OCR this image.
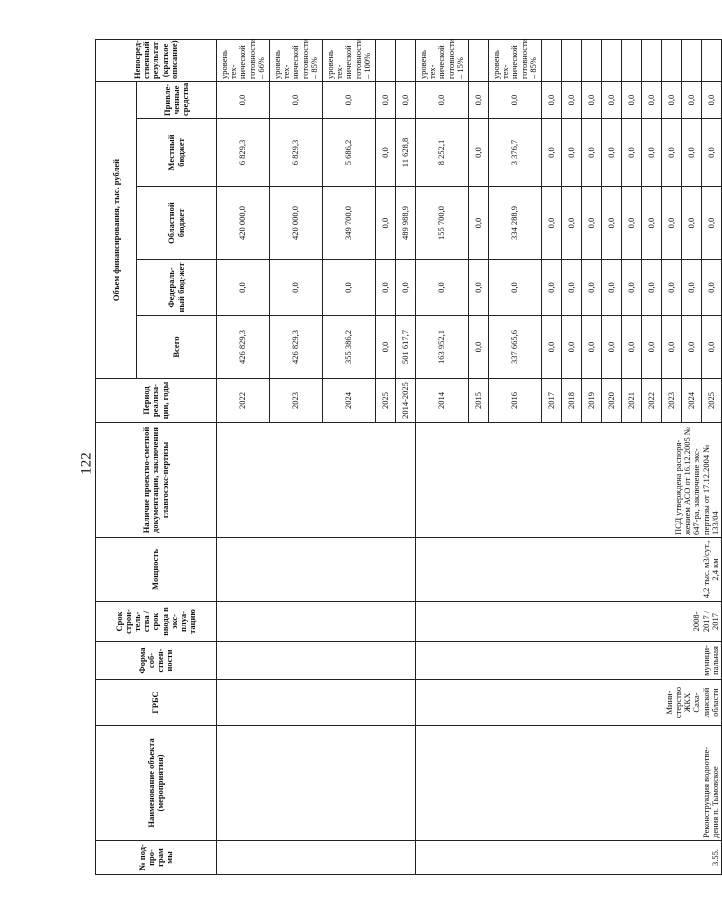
122
№ под-про-грам мы	Наименование объекта (мероприятия)	ГРБС	Форма соб-ствен-ности	Срок строи-тель-ства / срок ввода в экс-плуа-тацию	Мощность	Наличие проектно-сметной документации, заключения главгосэкс-пертизы	Период реализа-ции, годы	Объем финансирования, тыс. рублей					Непосред-ственный результат (краткое описание)
								Всего	Федераль-ный бюд-жет	Областной бюджет	Местный бюджет	Привле-ченные средства	
							2022	426 829,3	0,0	420 000,0	6 829,3	0,0	уровень тех-нической готовности – 66%
							2023	426 829,3	0,0	420 000,0	6 829,3	0,0	уровень тех-нической готовности – 85%
							2024	355 386,2	0,0	349 700,0	5 686,2	0,0	уровень тех-нической готовности – 100%
							2025	0,0	0,0	0,0	0,0	0,0	
							2014-2025	501 617,7	0,0	489 988,9	11 628,8	0,0	
3.55.	Реконструкция водоотве-дения п. Тымовское	Мини-стерство ЖКХ Саха-линской области	муници-пальная	2008-2017 / 2017	4,2 тыс. м3/сут., 2,4 км	ПСД утверждена распоря-жением АСО от 16.12.2005 № 647-ра, заключение экс-пертизы от 17.12.2004 № 133/04	2014	163 952,1	0,0	155 700,0	8 252,1	0,0	уровень тех-нической готовности – 15%
							2015	0,0	0,0	0,0	0,0	0,0	
							2016	337 665,6	0,0	334 288,9	3 376,7	0,0	уровень тех-нической готовности – 85%
							2017	0,0	0,0	0,0	0,0	0,0	
							2018	0,0	0,0	0,0	0,0	0,0	
							2019	0,0	0,0	0,0	0,0	0,0	
							2020	0,0	0,0	0,0	0,0	0,0	
							2021	0,0	0,0	0,0	0,0	0,0	
							2022	0,0	0,0	0,0	0,0	0,0	
							2023	0,0	0,0	0,0	0,0	0,0	
							2024	0,0	0,0	0,0	0,0	0,0	
							2025	0,0	0,0	0,0	0,0	0,0	
